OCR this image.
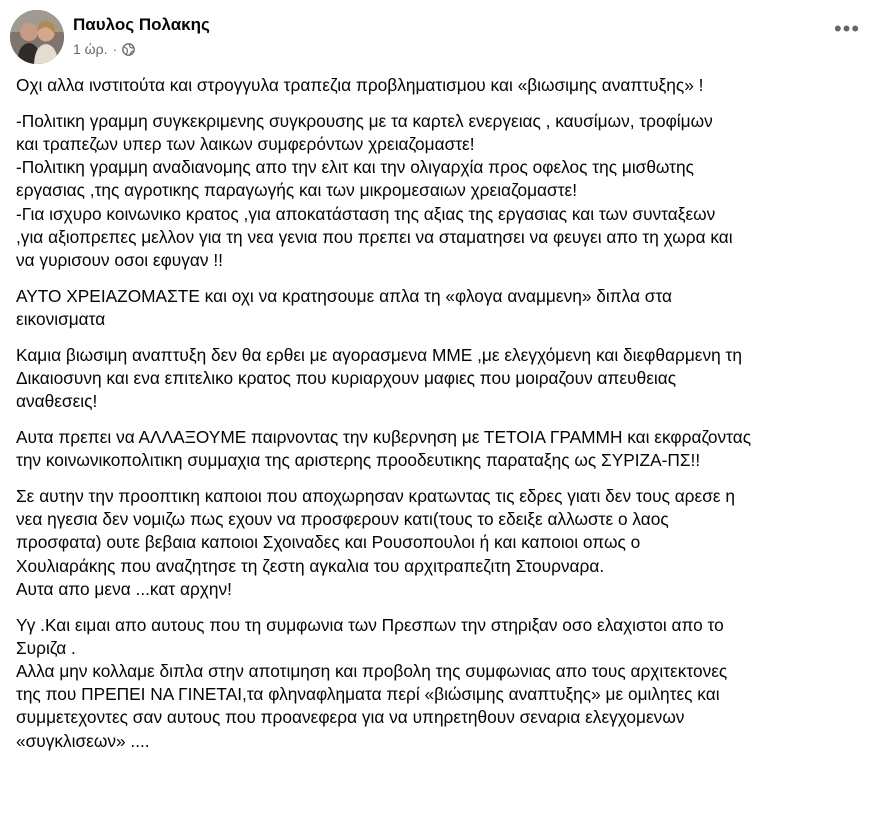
Παυλος Πολακης
1 ώρ. ·
•••
Οχι αλλα ινστιτούτα και στρογγυλα τραπεζια προβληματισμου και «βιωσιμης αναπτυξης» !
-Πολιτικη γραμμη συγκεκριμενης συγκρουσης με τα καρτελ ενεργειας , καυσίμων, τροφίμων
και τραπεζων υπερ των λαικων συμφερόντων χρειαζομαστε!
-Πολιτικη γραμμη αναδιανομης απο την ελιτ και την ολιγαρχία προς οφελος της μισθωτης
εργασιας ,της αγροτικης παραγωγής και των μικρομεσαιων χρειαζομαστε!
-Για ισχυρο κοινωνικο κρατος ,για αποκατάσταση της αξιας της εργασιας και των συνταξεων
,για αξιοπρεπες μελλον για τη νεα γενια που πρεπει να σταματησει να φευγει απο τη χωρα και
να γυρισουν οσοι εφυγαν !!
ΑΥΤΟ ΧΡΕΙΑΖΟΜΑΣΤΕ και οχι να κρατησουμε απλα τη «φλογα αναμμενη» διπλα στα
εικονισματα
Καμια βιωσιμη αναπτυξη δεν θα ερθει με αγορασμενα ΜΜΕ ,με ελεγχόμενη και διεφθαρμενη τη
Δικαιοσυνη και ενα επιτελικο κρατος που κυριαρχουν μαφιες που μοιραζουν απευθειας
αναθεσεις!
Αυτα πρεπει να ΑΛΛΑΞΟΥΜΕ παιρνοντας την κυβερνηση με ΤΕΤΟΙΑ ΓΡΑΜΜΗ και εκφραζοντας
την κοινωνικοπολιτικη συμμαχια της αριστερης προοδευτικης παραταξης ως ΣΥΡΙΖΑ-ΠΣ!!
Σε αυτην την προοπτικη καποιοι που αποχωρησαν κρατωντας τις εδρες γιατι δεν τους αρεσε η
νεα ηγεσια δεν νομιζω πως εχουν να προσφερουν κατι(τους το εδειξε αλλωστε ο λαος
προσφατα) ουτε βεβαια καποιοι Σχοιναδες και Ρουσοπουλοι ή και καποιοι οπως ο
Χουλιαράκης που αναζητησε τη ζεστη αγκαλια του αρχιτραπεζιτη Στουρναρα.
Αυτα απο μενα ...κατ αρχην!
Υγ .Και ειμαι απο αυτους που τη συμφωνια των Πρεσπων την στηριξαν οσο ελαχιστοι απο το
Συριζα .
Αλλα μην κολλαμε διπλα στην αποτιμηση και προβολη της συμφωνιας απο τους αρχιτεκτονες
της που ΠΡΕΠΕΙ ΝΑ ΓΙΝΕΤΑΙ,τα φληναφληματα περί «βιώσιμης αναπτυξης» με ομιλητες και
συμμετεχοντες σαν αυτους που προανεφερα για να υπηρετηθουν σεναρια ελεγχομενων
«συγκλισεων» ....
